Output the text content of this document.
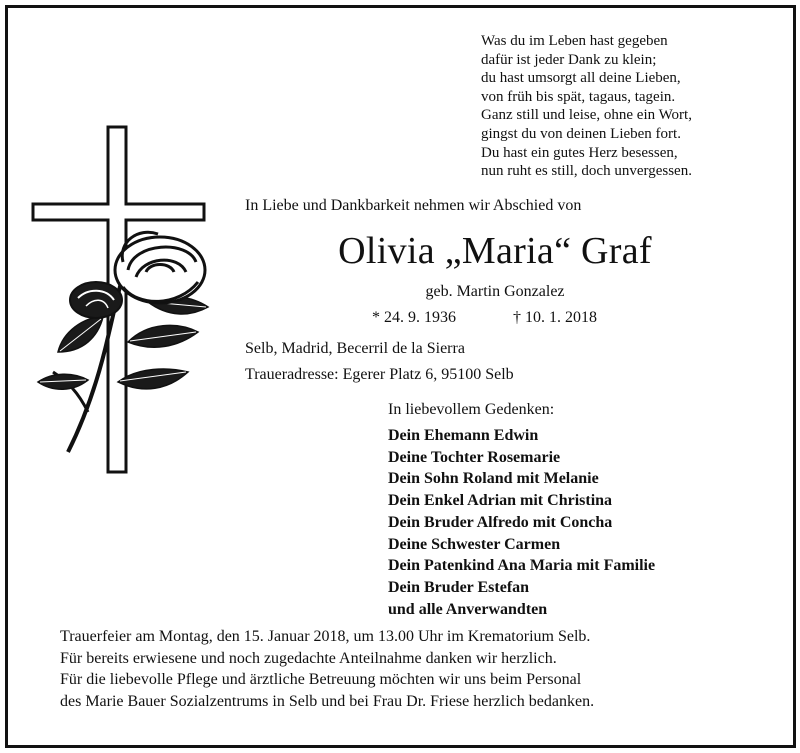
Was du im Leben hast gegeben
dafür ist jeder Dank zu klein;
du hast umsorgt all deine Lieben,
von früh bis spät, tagaus, tagein.
Ganz still und leise, ohne ein Wort,
gingst du von deinen Lieben fort.
Du hast ein gutes Herz besessen,
nun ruht es still, doch unvergessen.
In Liebe und Dankbarkeit nehmen wir Abschied von
Olivia „Maria“ Graf
geb. Martin Gonzalez
* 24. 9. 1936	† 10. 1. 2018
Selb, Madrid, Becerril de la Sierra
Traueradresse: Egerer Platz 6, 95100 Selb
In liebevollem Gedenken:
Dein Ehemann Edwin
Deine Tochter Rosemarie
Dein Sohn Roland mit Melanie
Dein Enkel Adrian mit Christina
Dein Bruder Alfredo mit Concha
Deine Schwester Carmen
Dein Patenkind Ana Maria mit Familie
Dein Bruder Estefan
und alle Anverwandten
Trauerfeier am Montag, den 15. Januar 2018, um 13.00 Uhr im Krematorium Selb.
Für bereits erwiesene und noch zugedachte Anteilnahme danken wir herzlich.
Für die liebevolle Pflege und ärztliche Betreuung möchten wir uns beim Personal
des Marie Bauer Sozialzentrums in Selb und bei Frau Dr. Friese herzlich bedanken.
